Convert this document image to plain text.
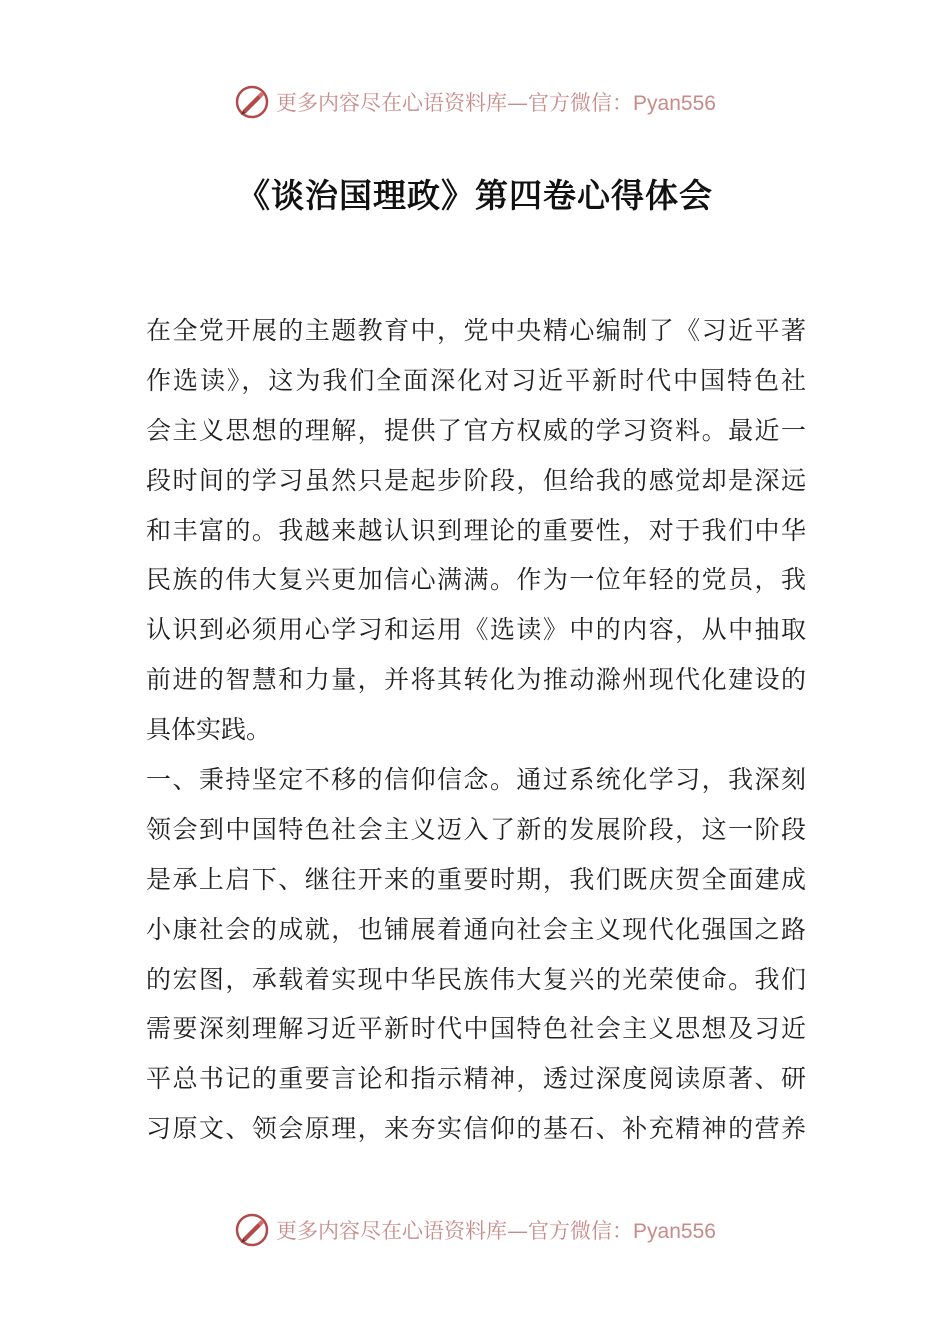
更多内容尽在心语资料库—官方微信：Pyan556
《谈治国理政》第四卷心得体会
在全党开展的主题教育中，党中央精心编制了《习近平著
作选读》，这为我们全面深化对习近平新时代中国特色社
会主义思想的理解，提供了官方权威的学习资料。最近一
段时间的学习虽然只是起步阶段，但给我的感觉却是深远
和丰富的。我越来越认识到理论的重要性，对于我们中华
民族的伟大复兴更加信心满满。作为一位年轻的党员，我
认识到必须用心学习和运用《选读》中的内容，从中抽取
前进的智慧和力量，并将其转化为推动滁州现代化建设的
具体实践。
一、秉持坚定不移的信仰信念。通过系统化学习，我深刻
领会到中国特色社会主义迈入了新的发展阶段，这一阶段
是承上启下、继往开来的重要时期，我们既庆贺全面建成
小康社会的成就，也铺展着通向社会主义现代化强国之路
的宏图，承载着实现中华民族伟大复兴的光荣使命。我们
需要深刻理解习近平新时代中国特色社会主义思想及习近
平总书记的重要言论和指示精神，透过深度阅读原著、研
习原文、领会原理，来夯实信仰的基石、补充精神的营养
更多内容尽在心语资料库—官方微信：Pyan556
